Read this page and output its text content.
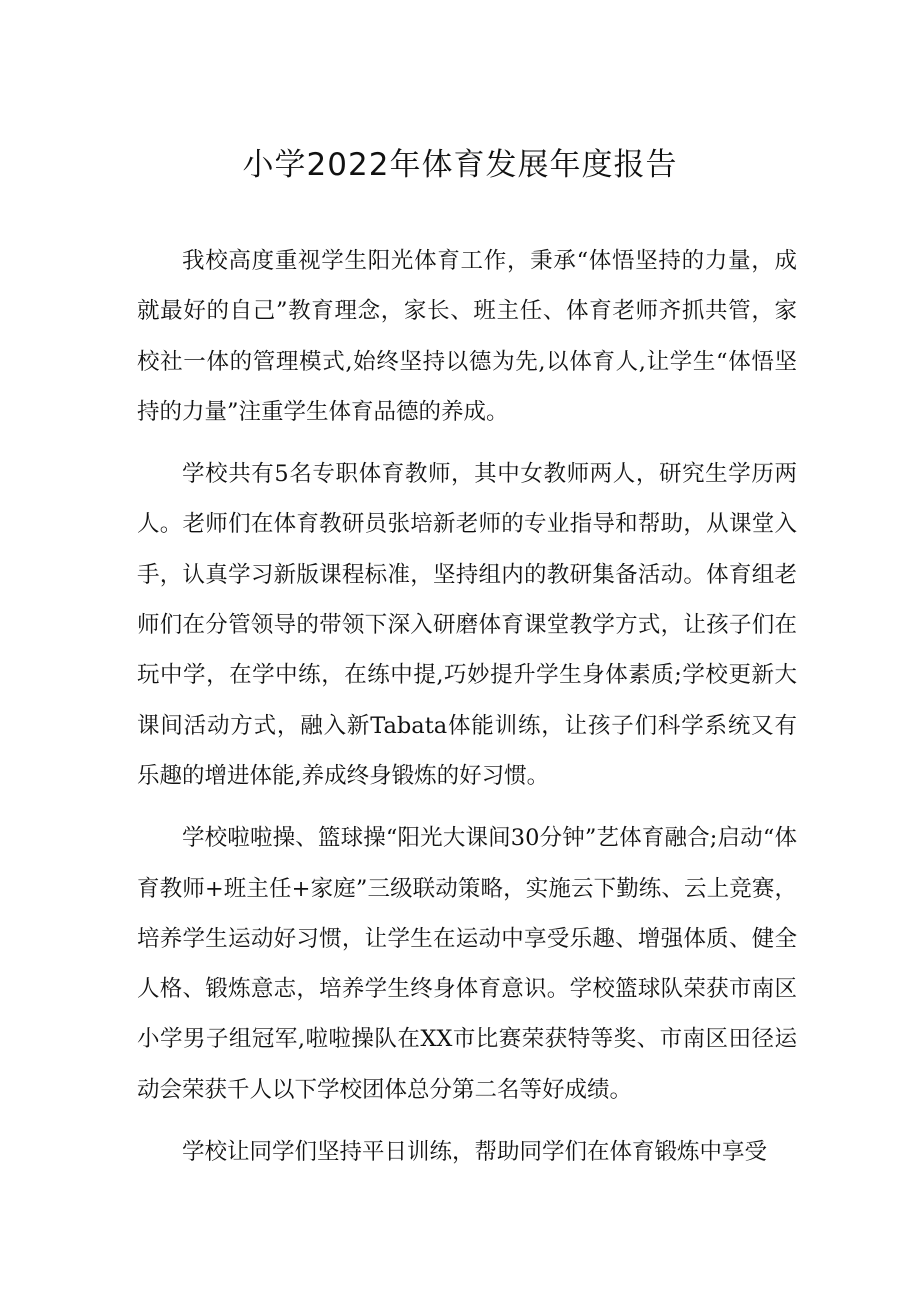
小学2022年体育发展年度报告

我校高度重视学生阳光体育工作，秉承“体悟坚持的力量，成就最好的自己”教育理念，家长、班主任、体育老师齐抓共管，家校社一体的管理模式,始终坚持以德为先,以体育人,让学生“体悟坚持的力量”注重学生体育品德的养成。

学校共有5名专职体育教师，其中女教师两人，研究生学历两人。老师们在体育教研员张培新老师的专业指导和帮助，从课堂入手，认真学习新版课程标准，坚持组内的教研集备活动。体育组老师们在分管领导的带领下深入研磨体育课堂教学方式，让孩子们在玩中学，在学中练，在练中提,巧妙提升学生身体素质;学校更新大课间活动方式，融入新Tabata体能训练，让孩子们科学系统又有乐趣的增进体能,养成终身锻炼的好习惯。

学校啦啦操、篮球操“阳光大课间30分钟”艺体育融合;启动“体育教师+班主任+家庭”三级联动策略，实施云下勤练、云上竞赛，培养学生运动好习惯，让学生在运动中享受乐趣、增强体质、健全人格、锻炼意志，培养学生终身体育意识。学校篮球队荣获市南区小学男子组冠军,啦啦操队在XX市比赛荣获特等奖、市南区田径运动会荣获千人以下学校团体总分第二名等好成绩。

学校让同学们坚持平日训练，帮助同学们在体育锻炼中享受
